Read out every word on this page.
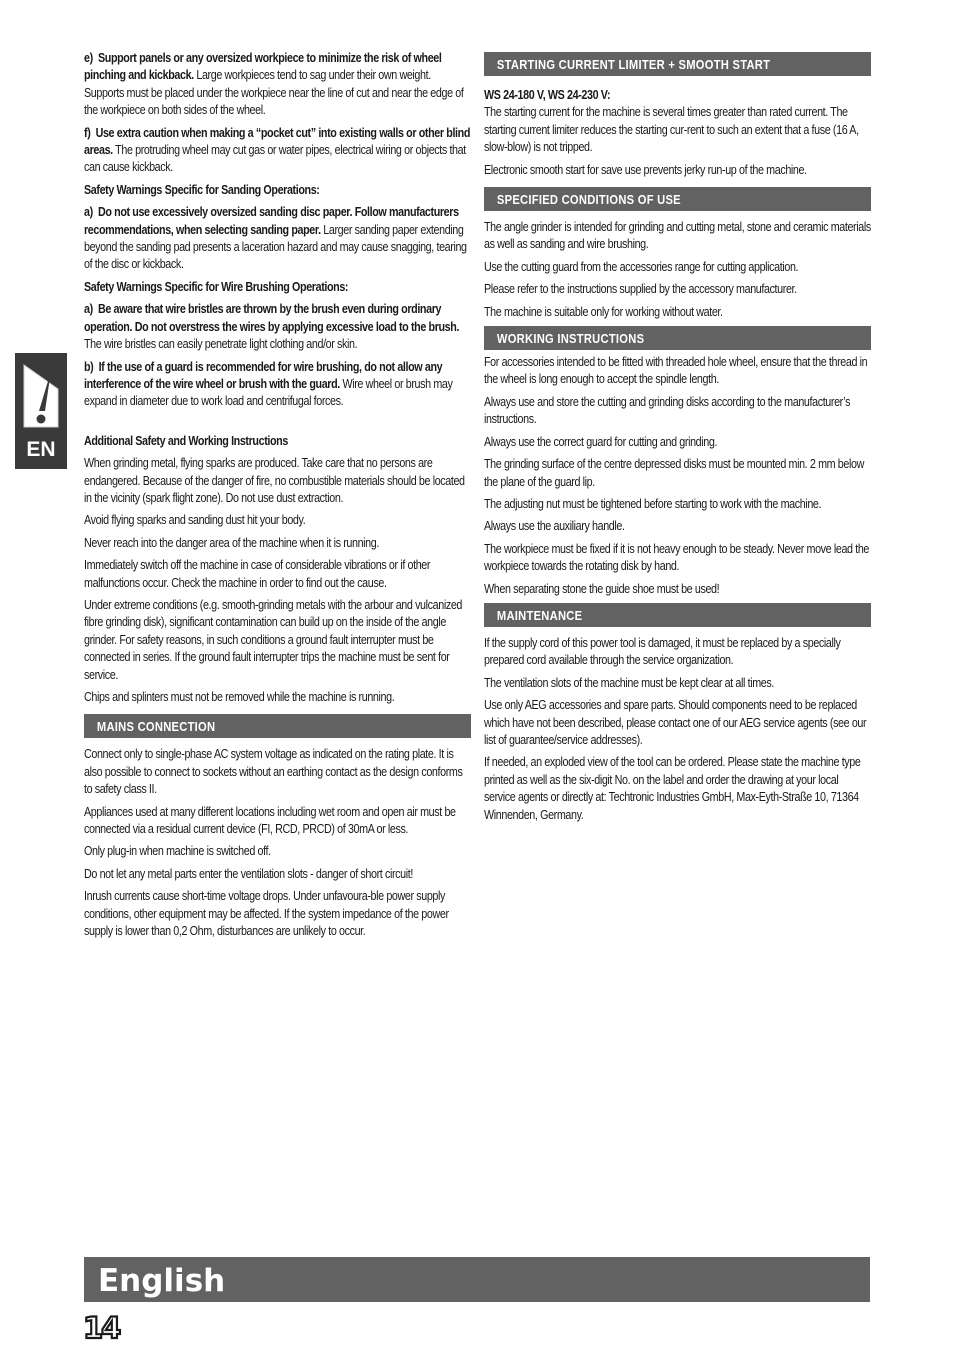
EN

e)  Support panels or any oversized workpiece to minimize the risk of wheel pinching and kickback. Large workpieces tend to sag under their own weight. Supports must be placed under the workpiece near the line of cut and near the edge of the workpiece on both sides of the wheel.

f)  Use extra caution when making a “pocket cut” into existing walls or other blind areas. The protruding wheel may cut gas or water pipes, electrical wiring or objects that can cause kickback.

Safety Warnings Specific for Sanding Operations:

a)  Do not use excessively oversized sanding disc paper. Follow manufacturers recommendations, when selecting sanding paper. Larger sanding paper extending beyond the sanding pad presents a laceration hazard and may cause snagging, tearing of the disc or kickback.

Safety Warnings Specific for Wire Brushing Operations:

a)  Be aware that wire bristles are thrown by the brush even during ordinary operation. Do not overstress the wires by applying excessive load to the brush. The wire bristles can easily penetrate light clothing and/or skin.

b)  If the use of a guard is recommended for wire brushing, do not allow any interference of the wire wheel or brush with the guard. Wire wheel or brush may expand in diameter due to work load and centrifugal forces.

Additional Safety and Working Instructions

When grinding metal, flying sparks are produced. Take care that no persons are endangered. Because of the danger of fire, no combustible materials should be located in the vicinity (spark flight zone). Do not use dust extraction.

Avoid flying sparks and sanding dust hit your body.

Never reach into the danger area of the machine when it is running.

Immediately switch off the machine in case of considerable vibrations or if other malfunctions occur. Check the machine in order to find out the cause.

Under extreme conditions (e.g. smooth-grinding metals with the arbour and vulcanized fibre grinding disk), significant contamination can build up on the inside of the angle grinder. For safety reasons, in such conditions a ground fault interrupter must be connected in series. If the ground fault interrupter trips the machine must be sent for service.

Chips and splinters must not be removed while the machine is running.

MAINS CONNECTION

Connect only to single-phase AC system voltage as indicated on the rating plate. It is also possible to connect to sockets without an earthing contact as the design conforms to safety class II.

Appliances used at many different locations including wet room and open air must be connected via a residual current device (FI, RCD, PRCD) of 30mA or less.

Only plug-in when machine is switched off.

Do not let any metal parts enter the ventilation slots - danger of short circuit!

Inrush currents cause short-time voltage drops. Under unfavoura-ble power supply conditions, other equipment may be affected. If the system impedance of the power supply is lower than 0,2 Ohm, disturbances are unlikely to occur.

STARTING CURRENT LIMITER + SMOOTH START

WS 24-180 V, WS 24-230 V:

The starting current for the machine is several times greater than rated current. The starting current limiter reduces the starting cur-rent to such an extent that a fuse (16 A, slow-blow) is not tripped.

Electronic smooth start for save use prevents jerky run-up of the machine.

SPECIFIED CONDITIONS OF USE

The angle grinder is intended for grinding and cutting metal, stone and ceramic materials as well as sanding and wire brushing.

Use the cutting guard from the accessories range for cutting application.

Please refer to the instructions supplied by the accessory manufacturer.

The machine is suitable only for working without water.

WORKING INSTRUCTIONS

For accessories intended to be fitted with threaded hole wheel, ensure that the thread in the wheel is long enough to accept the spindle length.

Always use and store the cutting and grinding disks according to the manufacturer’s instructions.

Always use the correct guard for cutting and grinding.

The grinding surface of the centre depressed disks must be mounted min. 2 mm below the plane of the guard lip.

The adjusting nut must be tightened before starting to work with the machine.

Always use the auxiliary handle.

The workpiece must be fixed if it is not heavy enough to be steady. Never move lead the workpiece towards the rotating disk by hand.

When separating stone the guide shoe must be used!

MAINTENANCE

If the supply cord of this power tool is damaged, it must be replaced by a specially prepared cord available through the service organization.

The ventilation slots of the machine must be kept clear at all times.

Use only AEG accessories and spare parts. Should components need to be replaced which have not been described, please contact one of our AEG service agents (see our list of guarantee/service addresses).

If needed, an exploded view of the tool can be ordered. Please state the machine type printed as well as the six-digit No. on the label and order the drawing at your local service agents or directly at: Techtronic Industries GmbH, Max-Eyth-Straße 10, 71364 Winnenden, Germany.

English
14
